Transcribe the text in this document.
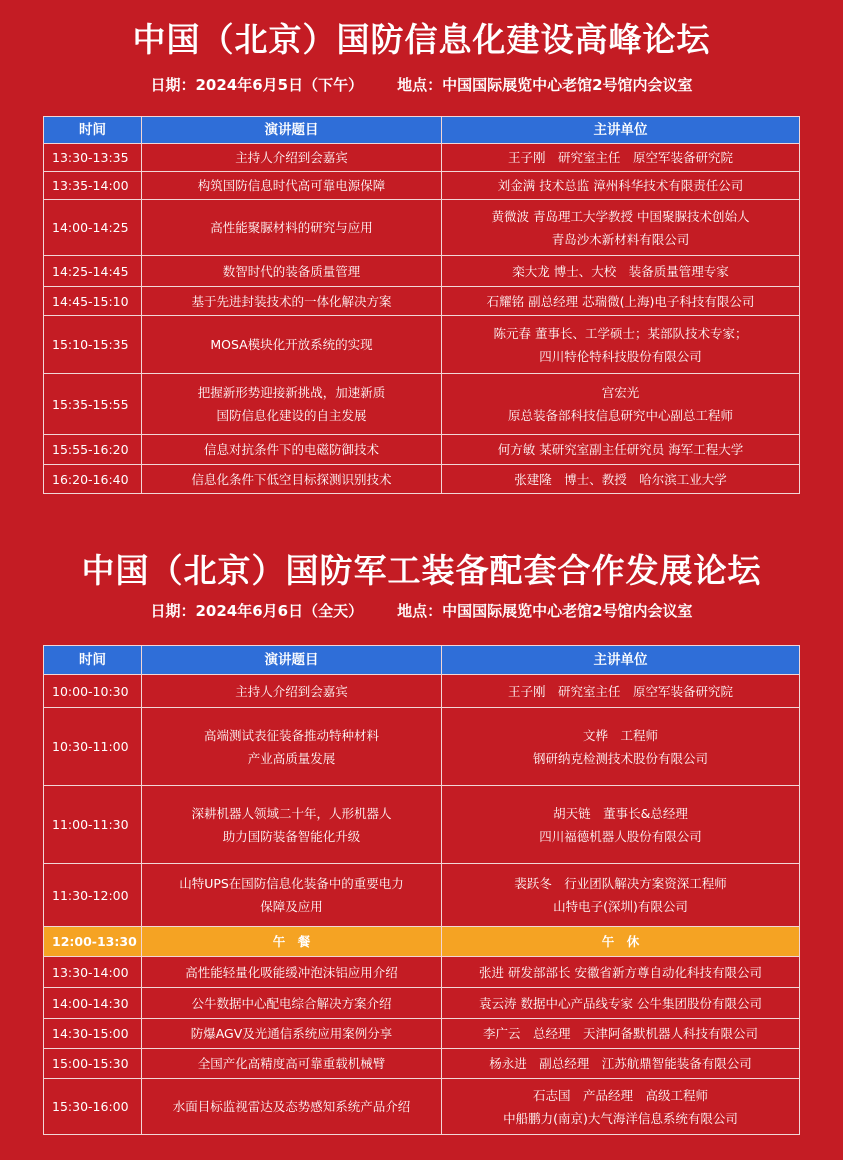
中国（北京）国防信息化建设高峰论坛
日期：2024年6月5日（下午） 地点：中国国际展览中心老馆2号馆内会议室
时间	演讲题目	主讲单位
13:30-13:35	主持人介绍到会嘉宾	王子刚　研究室主任　原空军装备研究院

13:35-14:00	构筑国防信息时代高可靠电源保障	刘金满 技术总监 漳州科华技术有限责任公司

14:00-14:25	高性能聚脲材料的研究与应用	黄微波 青岛理工大学教授 中国聚脲技术创始人
青岛沙木新材料有限公司

14:25-14:45	数智时代的装备质量管理	栾大龙 博士、大校　装备质量管理专家

14:45-15:10	基于先进封装技术的一体化解决方案	石耀铭 副总经理 芯瑞微(上海)电子科技有限公司

15:10-15:35	MOSA模块化开放系统的实现	陈元春 董事长、工学硕士；某部队技术专家；
四川特伦特科技股份有限公司

15:35-15:55	把握新形势迎接新挑战，加速新质
国防信息化建设的自主发展	宫宏光
原总装备部科技信息研究中心副总工程师

15:55-16:20	信息对抗条件下的电磁防御技术	何方敏 某研究室副主任研究员 海军工程大学

16:20-16:40	信息化条件下低空目标探测识别技术	张建隆　博士、教授　哈尔滨工业大学
中国（北京）国防军工装备配套合作发展论坛
日期：2024年6月6日（全天） 地点：中国国际展览中心老馆2号馆内会议室
时间	演讲题目	主讲单位
10:00-10:30	主持人介绍到会嘉宾	王子刚　研究室主任　原空军装备研究院

10:30-11:00	高端测试表征装备推动特种材料
产业高质量发展	文桦　工程师
钢研纳克检测技术股份有限公司

11:00-11:30	深耕机器人领域二十年，人形机器人
助力国防装备智能化升级	胡天链　董事长&总经理
四川福德机器人股份有限公司

11:30-12:00	山特UPS在国防信息化装备中的重要电力
保障及应用	裴跃冬　行业团队解决方案资深工程师
山特电子(深圳)有限公司

12:00-13:30	午　餐	午　休

13:30-14:00	高性能轻量化吸能缓冲泡沫铝应用介绍	张进 研发部部长 安徽省新方尊自动化科技有限公司

14:00-14:30	公牛数据中心配电综合解决方案介绍	袁云涛 数据中心产品线专家 公牛集团股份有限公司

14:30-15:00	防爆AGV及光通信系统应用案例分享	李广云　总经理　天津阿备默机器人科技有限公司

15:00-15:30	全国产化高精度高可靠重载机械臂	杨永进　副总经理　江苏航鼎智能装备有限公司

15:30-16:00	水面目标监视雷达及态势感知系统产品介绍	石志国　产品经理　高级工程师
中船鹏力(南京)大气海洋信息系统有限公司
